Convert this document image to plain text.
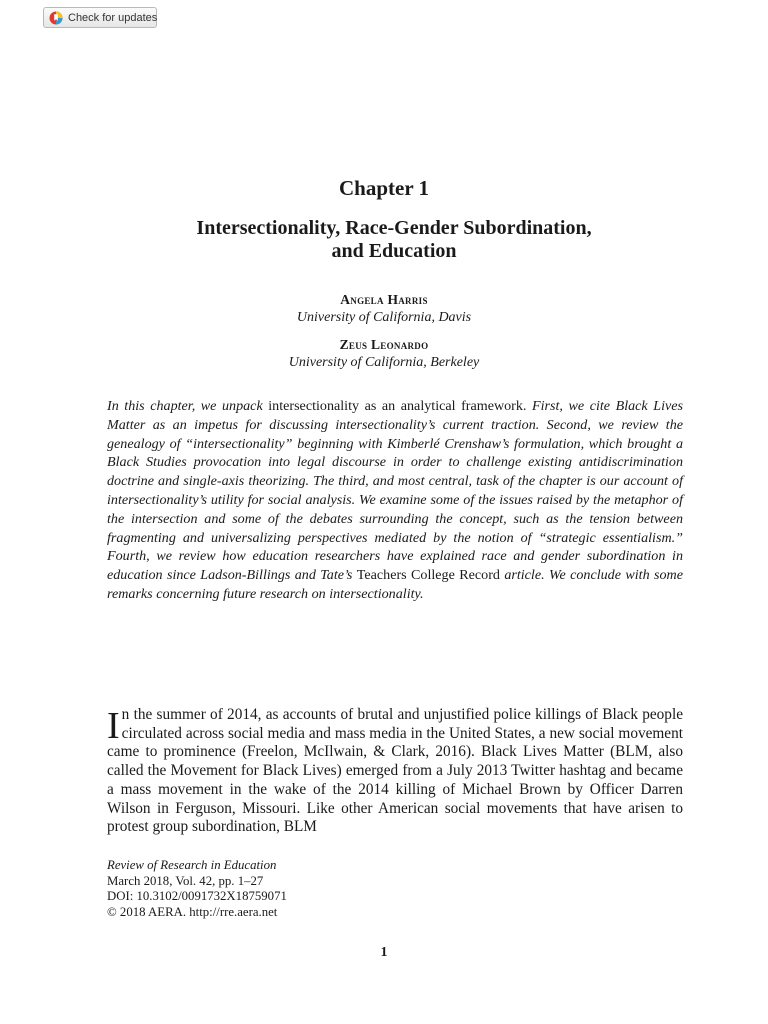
Check for updates
Chapter 1
Intersectionality, Race-Gender Subordination,
and Education
Angela Harris
University of California, Davis
Zeus Leonardo
University of California, Berkeley

In this chapter, we unpack intersectionality as an analytical framework. First, we cite Black Lives Matter as an impetus for discussing intersectionality’s current traction. Second, we review the genealogy of “intersectionality” beginning with Kimberlé Crenshaw’s formulation, which brought a Black Studies provocation into legal discourse in order to challenge existing antidiscrimination doctrine and single-axis theorizing. The third, and most central, task of the chapter is our account of intersectionality’s utility for social analysis. We examine some of the issues raised by the metaphor of the intersection and some of the debates surrounding the concept, such as the tension between fragmenting and universalizing perspectives mediated by the notion of “strategic essentialism.” Fourth, we review how education researchers have explained race and gender subordination in education since Ladson-Billings and Tate’s Teachers College Record article. We conclude with some remarks concerning future research on intersectionality.

In the summer of 2014, as accounts of brutal and unjustified police killings of Black people circulated across social media and mass media in the United States, a new social movement came to prominence (Freelon, McIlwain, & Clark, 2016). Black Lives Matter (BLM, also called the Movement for Black Lives) emerged from a July 2013 Twitter hashtag and became a mass movement in the wake of the 2014 killing of Michael Brown by Officer Darren Wilson in Ferguson, Missouri. Like other American social movements that have arisen to protest group subordination, BLM

Review of Research in Education
March 2018, Vol. 42, pp. 1–27
DOI: 10.3102/0091732X18759071
© 2018 AERA. http://rre.aera.net
1
